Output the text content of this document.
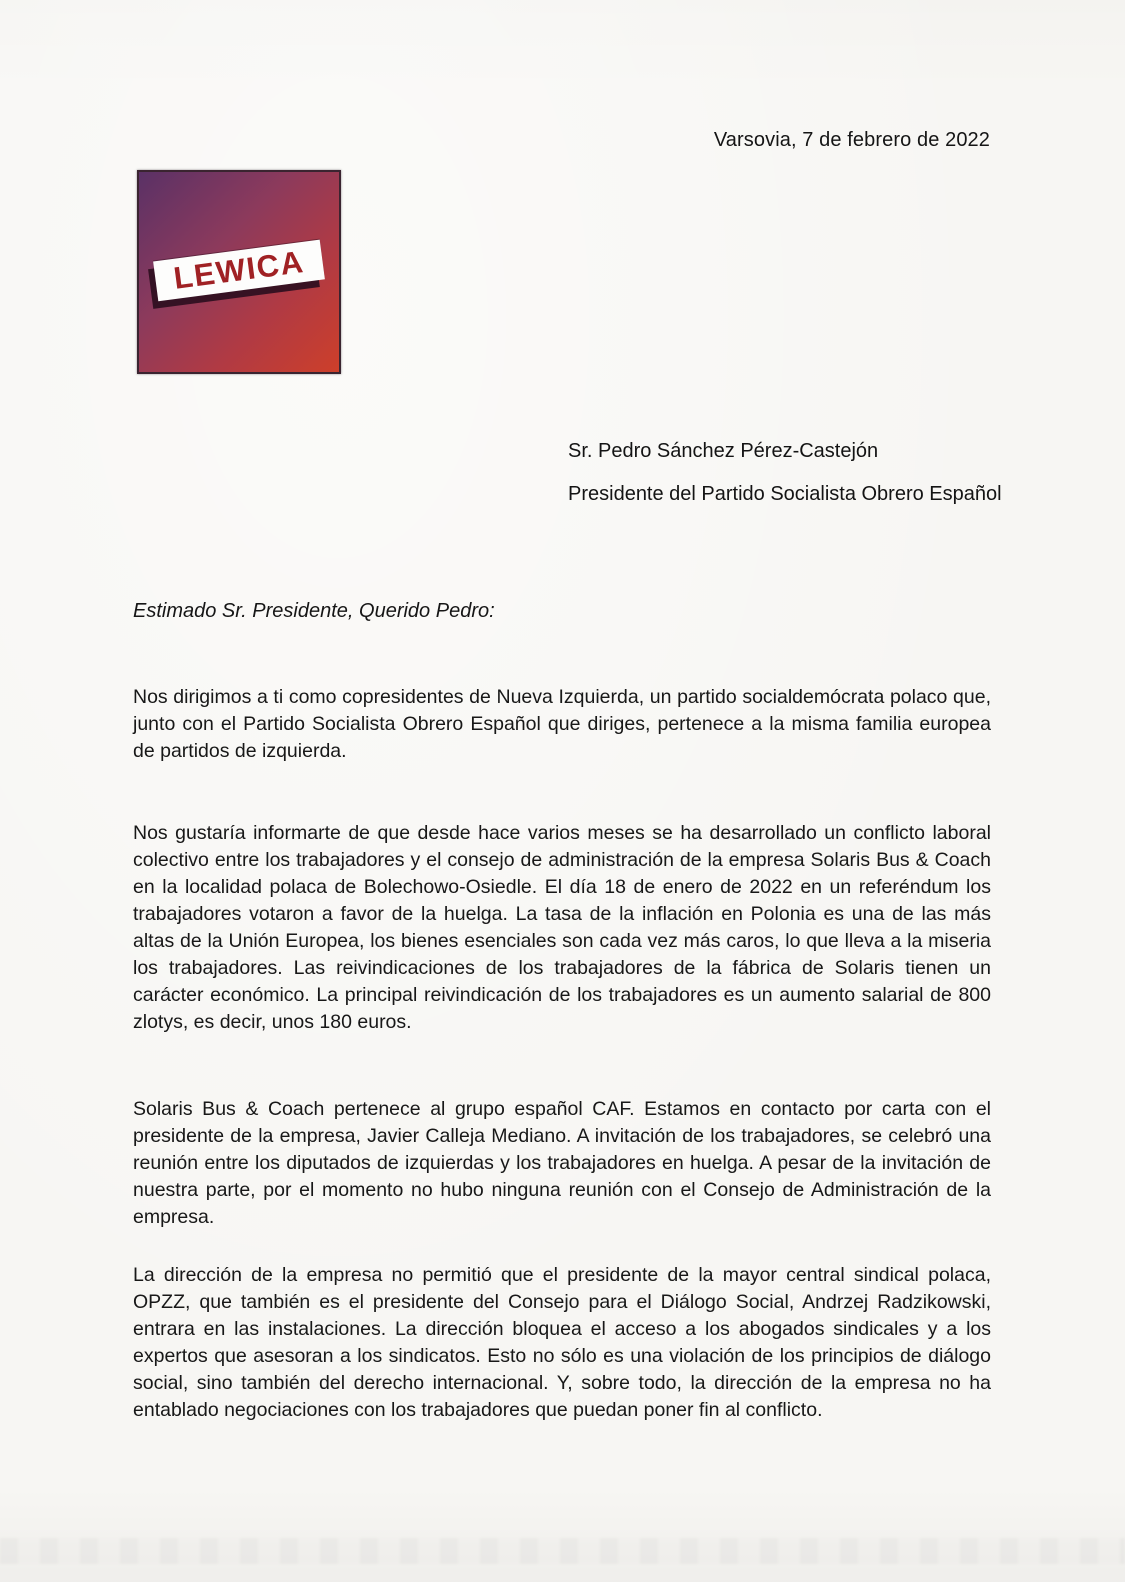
Varsovia, 7 de febrero de 2022
LEWICA
Sr. Pedro Sánchez Pérez-Castejón
Presidente del Partido Socialista Obrero Español
Estimado Sr. Presidente, Querido Pedro:

Nos dirigimos a ti como copresidentes de Nueva Izquierda, un partido socialdemócrata polaco que, junto con el Partido Socialista Obrero Español que diriges, pertenece a la misma familia europea de partidos de izquierda.

Nos gustaría informarte de que desde hace varios meses se ha desarrollado un conflicto laboral colectivo entre los trabajadores y el consejo de administración de la empresa Solaris Bus & Coach en la localidad polaca de Bolechowo-Osiedle. El día 18 de enero de 2022 en un referéndum los trabajadores votaron a favor de la huelga. La tasa de la inflación en Polonia es una de las más altas de la Unión Europea, los bienes esenciales son cada vez más caros, lo que lleva a la miseria los trabajadores. Las reivindicaciones de los trabajadores de la fábrica de Solaris tienen un carácter económico. La principal reivindicación de los trabajadores es un aumento salarial de 800 zlotys, es decir, unos 180 euros.

Solaris Bus & Coach pertenece al grupo español CAF. Estamos en contacto por carta con el presidente de la empresa, Javier Calleja Mediano. A invitación de los trabajadores, se celebró una reunión entre los diputados de izquierdas y los trabajadores en huelga. A pesar de la invitación de nuestra parte, por el momento no hubo ninguna reunión con el Consejo de Administración de la empresa.

La dirección de la empresa no permitió que el presidente de la mayor central sindical polaca, OPZZ, que también es el presidente del Consejo para el Diálogo Social, Andrzej Radzikowski, entrara en las instalaciones. La dirección bloquea el acceso a los abogados sindicales y a los expertos que asesoran a los sindicatos. Esto no sólo es una violación de los principios de diálogo social, sino también del derecho internacional. Y, sobre todo, la dirección de la empresa no ha entablado negociaciones con los trabajadores que puedan poner fin al conflicto.
